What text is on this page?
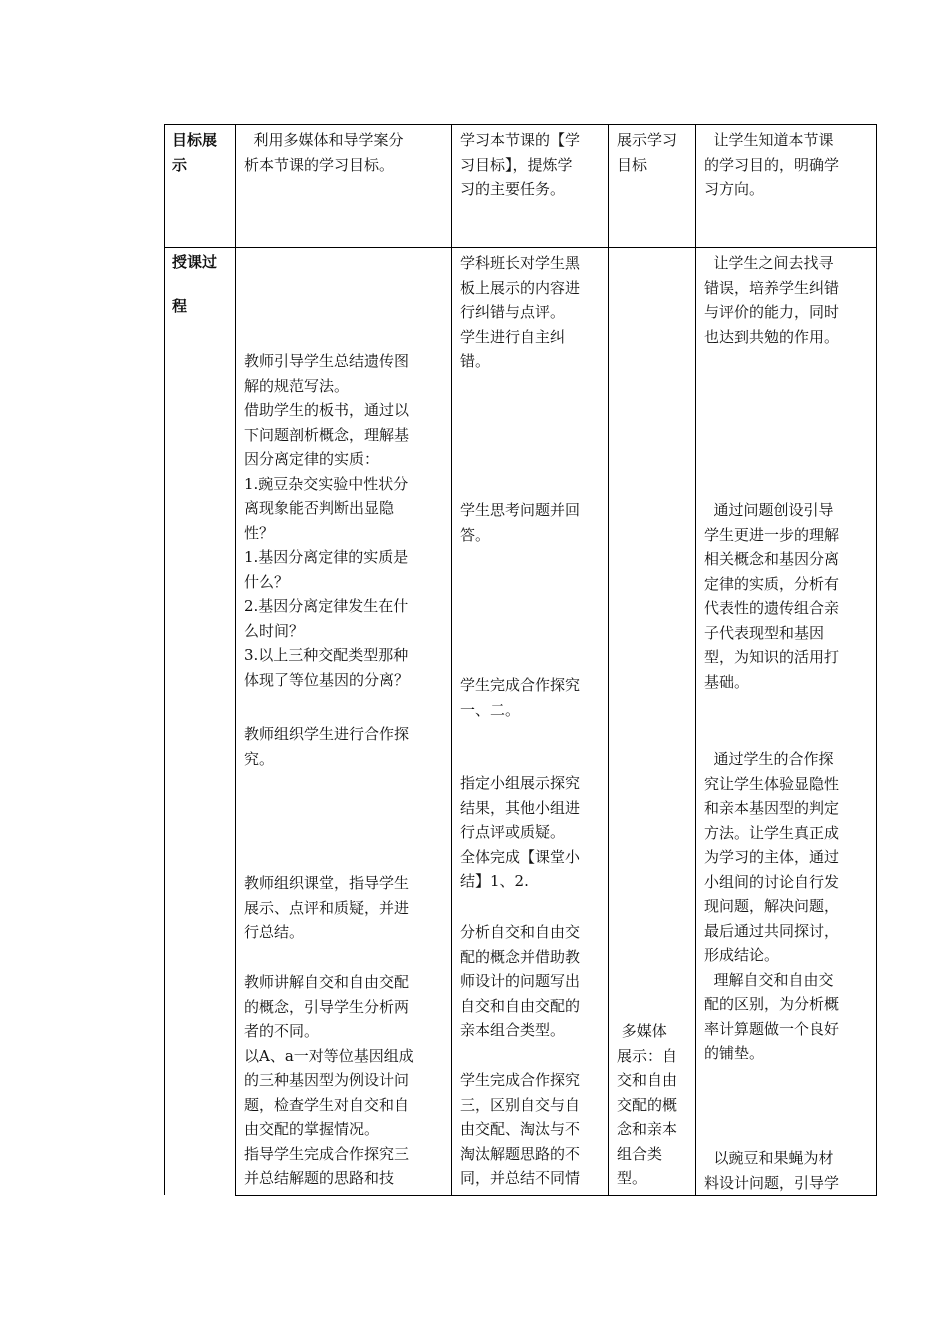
目标展
示
利用多媒体和导学案分
析本节课的学习目标。
学习本节课的【学
习目标】，提炼学
习的主要任务。
展示学习
目标
让学生知道本节课
的学习目的，明确学
习方向。
授课过

程
教师引导学生总结遗传图
解的规范写法。
借助学生的板书，通过以
下问题剖析概念，理解基
因分离定律的实质：
1.豌豆杂交实验中性状分
离现象能否判断出显隐
性？
1.基因分离定律的实质是
什么？
2.基因分离定律发生在什
么时间？
3.以上三种交配类型那种
体现了等位基因的分离？
教师组织学生进行合作探
究。
教师组织课堂，指导学生
展示、点评和质疑，并进
行总结。
教师讲解自交和自由交配
的概念，引导学生分析两
者的不同。
以A、a一对等位基因组成
的三种基因型为例设计问
题，检查学生对自交和自
由交配的掌握情况。
指导学生完成合作探究三
并总结解题的思路和技
学科班长对学生黑
板上展示的内容进
行纠错与点评。
学生进行自主纠
错。
学生思考问题并回
答。
学生完成合作探究
一、二。
指定小组展示探究
结果，其他小组进
行点评或质疑。
全体完成【课堂小
结】1、2.
分析自交和自由交
配的概念并借助教
师设计的问题写出
自交和自由交配的
亲本组合类型。
学生完成合作探究
三，区别自交与自
由交配、淘汰与不
淘汰解题思路的不
同，并总结不同情
多媒体
展示：自
交和自由
交配的概
念和亲本
组合类
型。
让学生之间去找寻
错误，培养学生纠错
与评价的能力，同时
也达到共勉的作用。
通过问题创设引导
学生更进一步的理解
相关概念和基因分离
定律的实质，分析有
代表性的遗传组合亲
子代表现型和基因
型，为知识的活用打
基础。
通过学生的合作探
究让学生体验显隐性
和亲本基因型的判定
方法。让学生真正成
为学习的主体，通过
小组间的讨论自行发
现问题，解决问题，
最后通过共同探讨，
形成结论。
理解自交和自由交
配的区别，为分析概
率计算题做一个良好
的铺垫。
以豌豆和果蝇为材
料设计问题，引导学
